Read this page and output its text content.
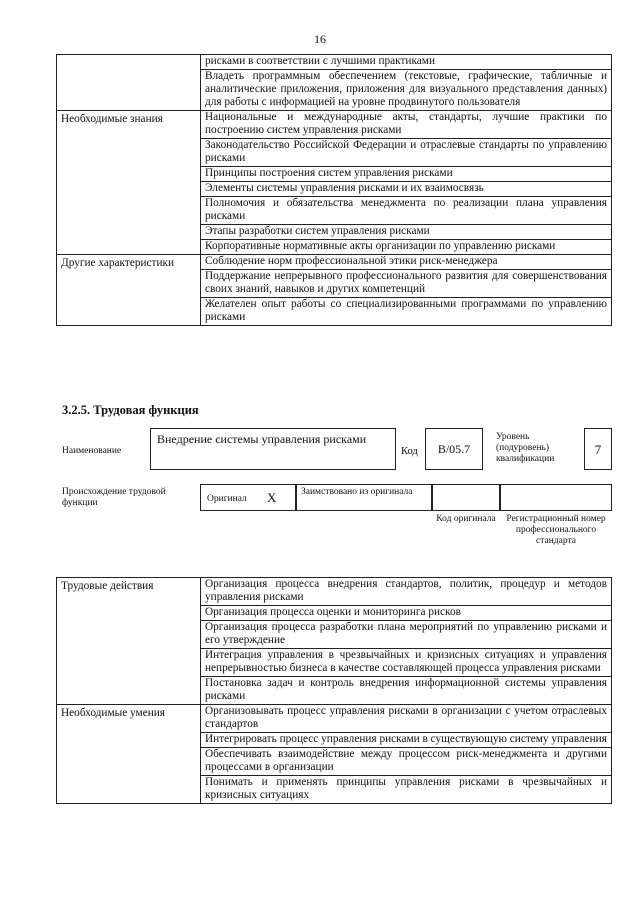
16
	рисками в соответствии с лучшими практиками
	Владеть программным обеспечением (текстовые, графические, табличные и аналитические приложения, приложения для визуального представления данных) для работы с информацией на уровне продвинутого пользователя
Необходимые знания	Национальные и международные акты, стандарты, лучшие практики по построению систем управления рисками
	Законодательство Российской Федерации и отраслевые стандарты по управлению рисками
	Принципы построения систем управления рисками
	Элементы системы управления рисками и их взаимосвязь
	Полномочия и обязательства менеджмента по реализации плана управления рисками
	Этапы разработки систем управления рисками
	Корпоративные нормативные акты организации по управлению рисками
Другие характеристики	Соблюдение норм профессиональной этики риск-менеджера
	Поддержание непрерывного профессионального развития для совершенствования своих знаний, навыков и других компетенций
	Желателен опыт работы со специализированными программами по управлению рисками
3.2.5. Трудовая функция
Наименование
Внедрение системы управления рисками
Код	B/05.7
Уровень (подуровень) квалификации
7
Происхождение трудовой функции	Оригинал X	Заимствовано из оригинала
Код оригинала	Регистрационный номер профессионального стандарта
Трудовые действия	Организация процесса внедрения стандартов, политик, процедур и методов управления рисками
	Организация процесса оценки и мониторинга рисков
	Организация процесса разработки плана мероприятий по управлению рисками и его утверждение
	Интеграция управления в чрезвычайных и кризисных ситуациях и управления непрерывностью бизнеса в качестве составляющей процесса управления рисками
	Постановка задач и контроль внедрения информационной системы управления рисками
Необходимые умения	Организовывать процесс управления рисками в организации с учетом отраслевых стандартов
	Интегрировать процесс управления рисками в существующую систему управления
	Обеспечивать взаимодействие между процессом риск-менеджмента и другими процессами в организации
	Понимать и применять принципы управления рисками в чрезвычайных и кризисных ситуациях
